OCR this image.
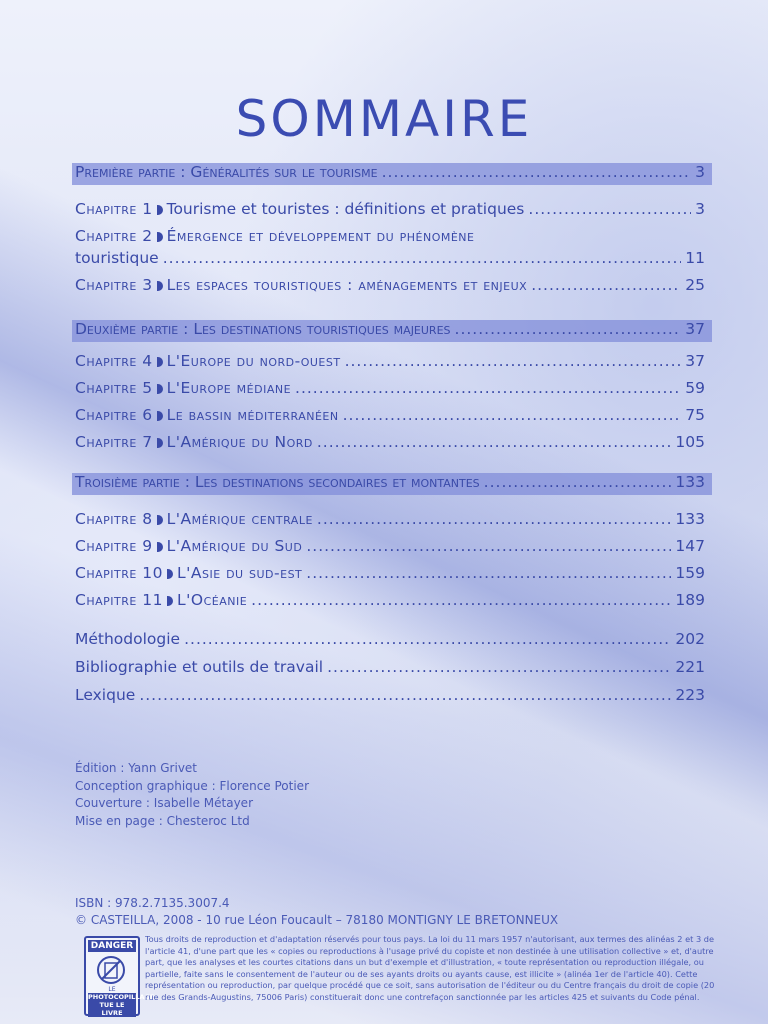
SOMMAIRE
Première partie : Généralités sur le tourisme .....	3
Chapitre 1 Tourisme et touristes : définitions et pratiques .....	3
Chapitre 2 Émergence et développement du phénomène
touristique .....	11
Chapitre 3 Les espaces touristiques : aménagements et enjeux .....	25
Deuxième partie : Les destinations touristiques majeures .....	37
Chapitre 4 L'Europe du nord-ouest .....	37
Chapitre 5 L'Europe médiane .....	59
Chapitre 6 Le bassin méditerranéen .....	75
Chapitre 7 L'Amérique du Nord .....	105
Troisième partie : Les destinations secondaires et montantes .....	133
Chapitre 8 L'Amérique centrale .....	133
Chapitre 9 L'Amérique du Sud .....	147
Chapitre 10 L'Asie du sud-est .....	159
Chapitre 11 L'Océanie .....	189
Méthodologie .....	202
Bibliographie et outils de travail .....	221
Lexique .....	223
Édition : Yann Grivet
Conception graphique : Florence Potier
Couverture : Isabelle Métayer
Mise en page : Chesteroc Ltd
ISBN : 978.2.7135.3007.4
© CASTEILLA, 2008 - 10 rue Léon Foucault – 78180 MONTIGNY LE BRETONNEUX
DANGER
LE
PHOTOCOPILLAGE
TUE LE LIVRE
Tous droits de reproduction et d'adaptation réservés pour tous pays. La loi du 11 mars 1957 n'autorisant, aux termes des alinéas 2 et 3 de l'article 41, d'une part que les « copies ou reproductions à l'usage privé du copiste et non destinée à une utilisation collective » et, d'autre part, que les analyses et les courtes citations dans un but d'exemple et d'illustration, « toute représentation ou reproduction illégale, ou partielle, faite sans le consentement de l'auteur ou de ses ayants droits ou ayants cause, est illicite » (alinéa 1er de l'article 40). Cette représentation ou reproduction, par quelque procédé que ce soit, sans autorisation de l'éditeur ou du Centre français du droit de copie (20 rue des Grands-Augustins, 75006 Paris) constituerait donc une contrefaçon sanctionnée par les articles 425 et suivants du Code pénal.
